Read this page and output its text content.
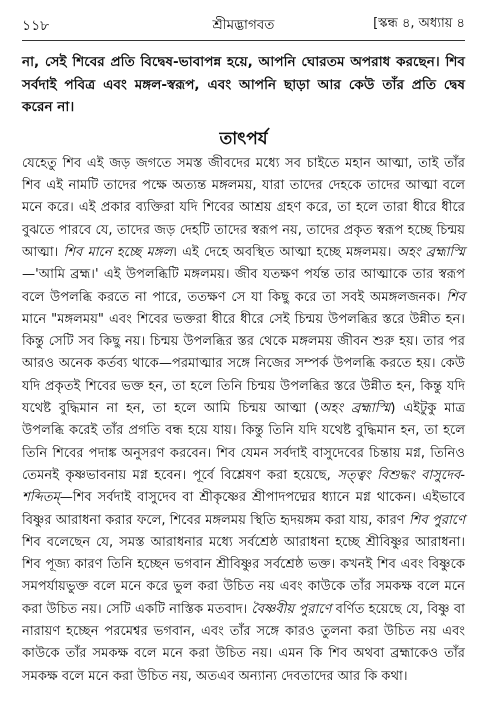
১১৮	শ্রীমদ্ভাগবত	[স্কন্ধ ৪, অধ্যায় ৪
না, সেই শিবের প্রতি বিদ্বেষ-ভাবাপন্ন হয়ে, আপনি ঘোরতম অপরাধ করছেন। শিব সর্বদাই পবিত্র এবং মঙ্গল-স্বরূপ, এবং আপনি ছাড়া আর কেউ তাঁর প্রতি দ্বেষ করেন না।
তাৎপর্য
যেহেতু শিব এই জড় জগতে সমস্ত জীবদের মধ্যে সব চাইতে মহান আত্মা, তাই তাঁর শিব এই নামটি তাদের পক্ষে অত্যন্ত মঙ্গলময়, যারা তাদের দেহকে তাদের আত্মা বলে মনে করে। এই প্রকার ব্যক্তিরা যদি শিবের আশ্রয় গ্রহণ করে, তা হলে তারা ধীরে ধীরে বুঝতে পারবে যে, তাদের জড় দেহটি তাদের স্বরূপ নয়, তাদের প্রকৃত স্বরূপ হচ্ছে চিন্ময় আত্মা। শিব মানে হচ্ছে মঙ্গল। এই দেহে অবস্থিত আত্মা হচ্ছে মঙ্গলময়। অহং ব্রহ্মাস্মি—'আমি ব্রহ্ম।' এই উপলব্ধিটি মঙ্গলময়। জীব যতক্ষণ পর্যন্ত তার আত্মাকে তার স্বরূপ বলে উপলব্ধি করতে না পারে, ততক্ষণ সে যা কিছু করে তা সবই অমঙ্গলজনক। শিব মানে "মঙ্গলময়" এবং শিবের ভক্তরা ধীরে ধীরে সেই চিন্ময় উপলব্ধির স্তরে উন্নীত হন। কিন্তু সেটি সব কিছু নয়। চিন্ময় উপলব্ধির স্তর থেকে মঙ্গলময় জীবন শুরু হয়। তার পর আরও অনেক কর্তব্য থাকে—পরমাত্মার সঙ্গে নিজের সম্পর্ক উপলব্ধি করতে হয়। কেউ যদি প্রকৃতই শিবের ভক্ত হন, তা হলে তিনি চিন্ময় উপলব্ধির স্তরে উন্নীত হন, কিন্তু যদি যথেষ্ট বুদ্ধিমান না হন, তা হলে আমি চিন্ময় আত্মা (অহং ব্রহ্মাস্মি) এইটুকু মাত্র উপলব্ধি করেই তাঁর প্রগতি বন্ধ হয়ে যায়। কিন্তু তিনি যদি যথেষ্ট বুদ্ধিমান হন, তা হলে তিনি শিবের পদাঙ্ক অনুসরণ করবেন। শিব যেমন সর্বদাই বাসুদেবের চিন্তায় মগ্ন, তিনিও তেমনই কৃষ্ণভাবনায় মগ্ন হবেন। পূর্বে বিশ্লেষণ করা হয়েছে, সত্ত্বং বিশুদ্ধং বাসুদেব-শব্দিতম্—শিব সর্বদাই বাসুদেব বা শ্রীকৃষ্ণের শ্রীপাদপদ্মের ধ্যানে মগ্ন থাকেন। এইভাবে বিষ্ণুর আরাধনা করার ফলে, শিবের মঙ্গলময় স্থিতি হৃদয়ঙ্গম করা যায়, কারণ শিব পুরাণে শিব বলেছেন যে, সমস্ত আরাধনার মধ্যে সর্বশ্রেষ্ঠ আরাধনা হচ্ছে শ্রীবিষ্ণুর আরাধনা। শিব পূজ্য কারণ তিনি হচ্ছেন ভগবান শ্রীবিষ্ণুর সর্বশ্রেষ্ঠ ভক্ত। কখনই শিব এবং বিষ্ণুকে সমপর্যায়ভুক্ত বলে মনে করে ভুল করা উচিত নয় এবং কাউকে তাঁর সমকক্ষ বলে মনে করা উচিত নয়। সেটি একটি নাস্তিক মতবাদ। বৈষ্ণবীয় পুরাণে বর্ণিত হয়েছে যে, বিষ্ণু বা নারায়ণ হচ্ছেন পরমেশ্বর ভগবান, এবং তাঁর সঙ্গে কারও তুলনা করা উচিত নয় এবং কাউকে তাঁর সমকক্ষ বলে মনে করা উচিত নয়। এমন কি শিব অথবা ব্রহ্মাকেও তাঁর সমকক্ষ বলে মনে করা উচিত নয়, অতএব অন্যান্য দেবতাদের আর কি কথা।
